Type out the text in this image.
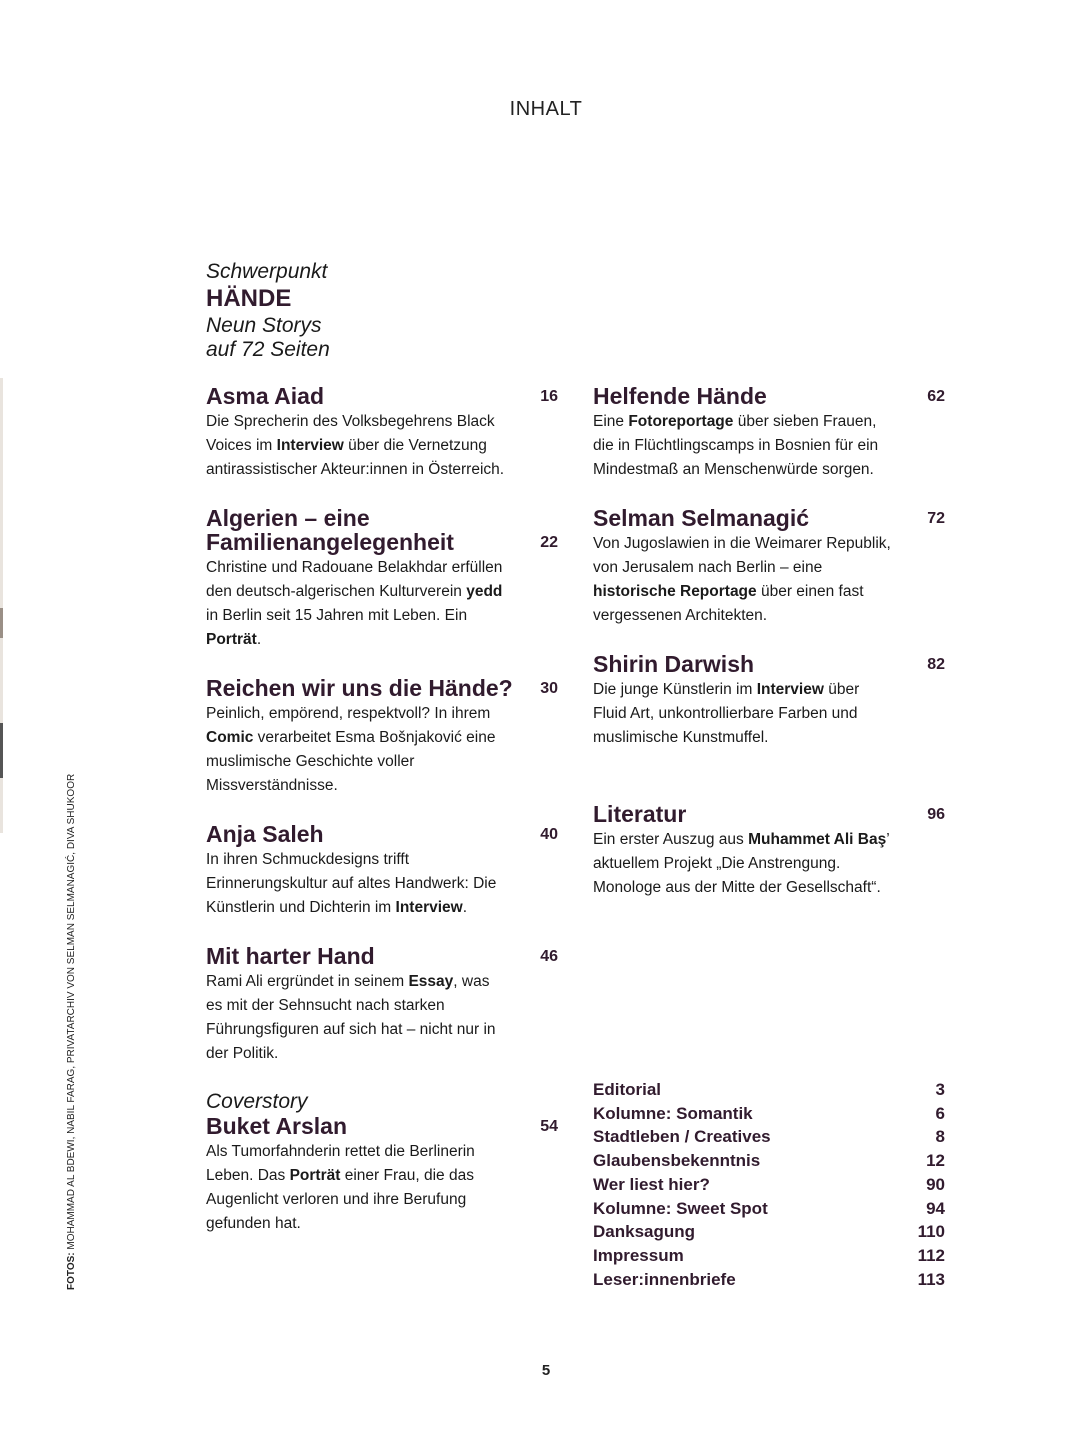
INHALT
FOTOS: MOHAMMAD AL BDEWI, NABIL FARAG, PRIVATARCHIV VON SELMAN SELMANAGIĆ, DIVA SHUKOOR
Schwerpunkt
HÄNDE
Neun Storys
auf 72 Seiten
Asma Aiad	16
Die Sprecherin des Volksbegehrens Black Voices im Interview über die Vernetzung antirassistischer Akteur:innen in Österreich.
Algerien – eine Familienangelegenheit	22
Christine und Radouane Belakhdar erfüllen den deutsch-algerischen Kulturverein yedd in Berlin seit 15 Jahren mit Leben. Ein Porträt.
Reichen wir uns die Hände? 30
Peinlich, empörend, respektvoll? In ihrem Comic verarbeitet Esma Bošnjaković eine muslimische Geschichte voller Missverständnisse.
Anja Saleh	40
In ihren Schmuckdesigns trifft Erinnerungskultur auf altes Handwerk: Die Künstlerin und Dichterin im Interview.
Mit harter Hand	46
Rami Ali ergründet in seinem Essay, was es mit der Sehnsucht nach starken Führungsfiguren auf sich hat – nicht nur in der Politik.
Coverstory
Buket Arslan	54
Als Tumorfahnderin rettet die Berlinerin Leben. Das Porträt einer Frau, die das Augenlicht verloren und ihre Berufung gefunden hat.
Helfende Hände	62
Eine Fotoreportage über sieben Frauen, die in Flüchtlingscamps in Bosnien für ein Mindestmaß an Menschenwürde sorgen.
Selman Selmanagić	72
Von Jugoslawien in die Weimarer Republik, von Jerusalem nach Berlin – eine historische Reportage über einen fast vergessenen Architekten.
Shirin Darwish	82
Die junge Künstlerin im Interview über Fluid Art, unkontrollierbare Farben und muslimische Kunstmuffel.
Literatur	96
Ein erster Auszug aus Muhammet Ali Baş’ aktuellem Projekt „Die Anstrengung. Monologe aus der Mitte der Gesellschaft“.
Editorial	3
Kolumne: Somantik	6
Stadtleben / Creatives	8
Glaubensbekenntnis	12
Wer liest hier?	90
Kolumne: Sweet Spot	94
Danksagung	110
Impressum	112
Leser:innenbriefe	113
5
